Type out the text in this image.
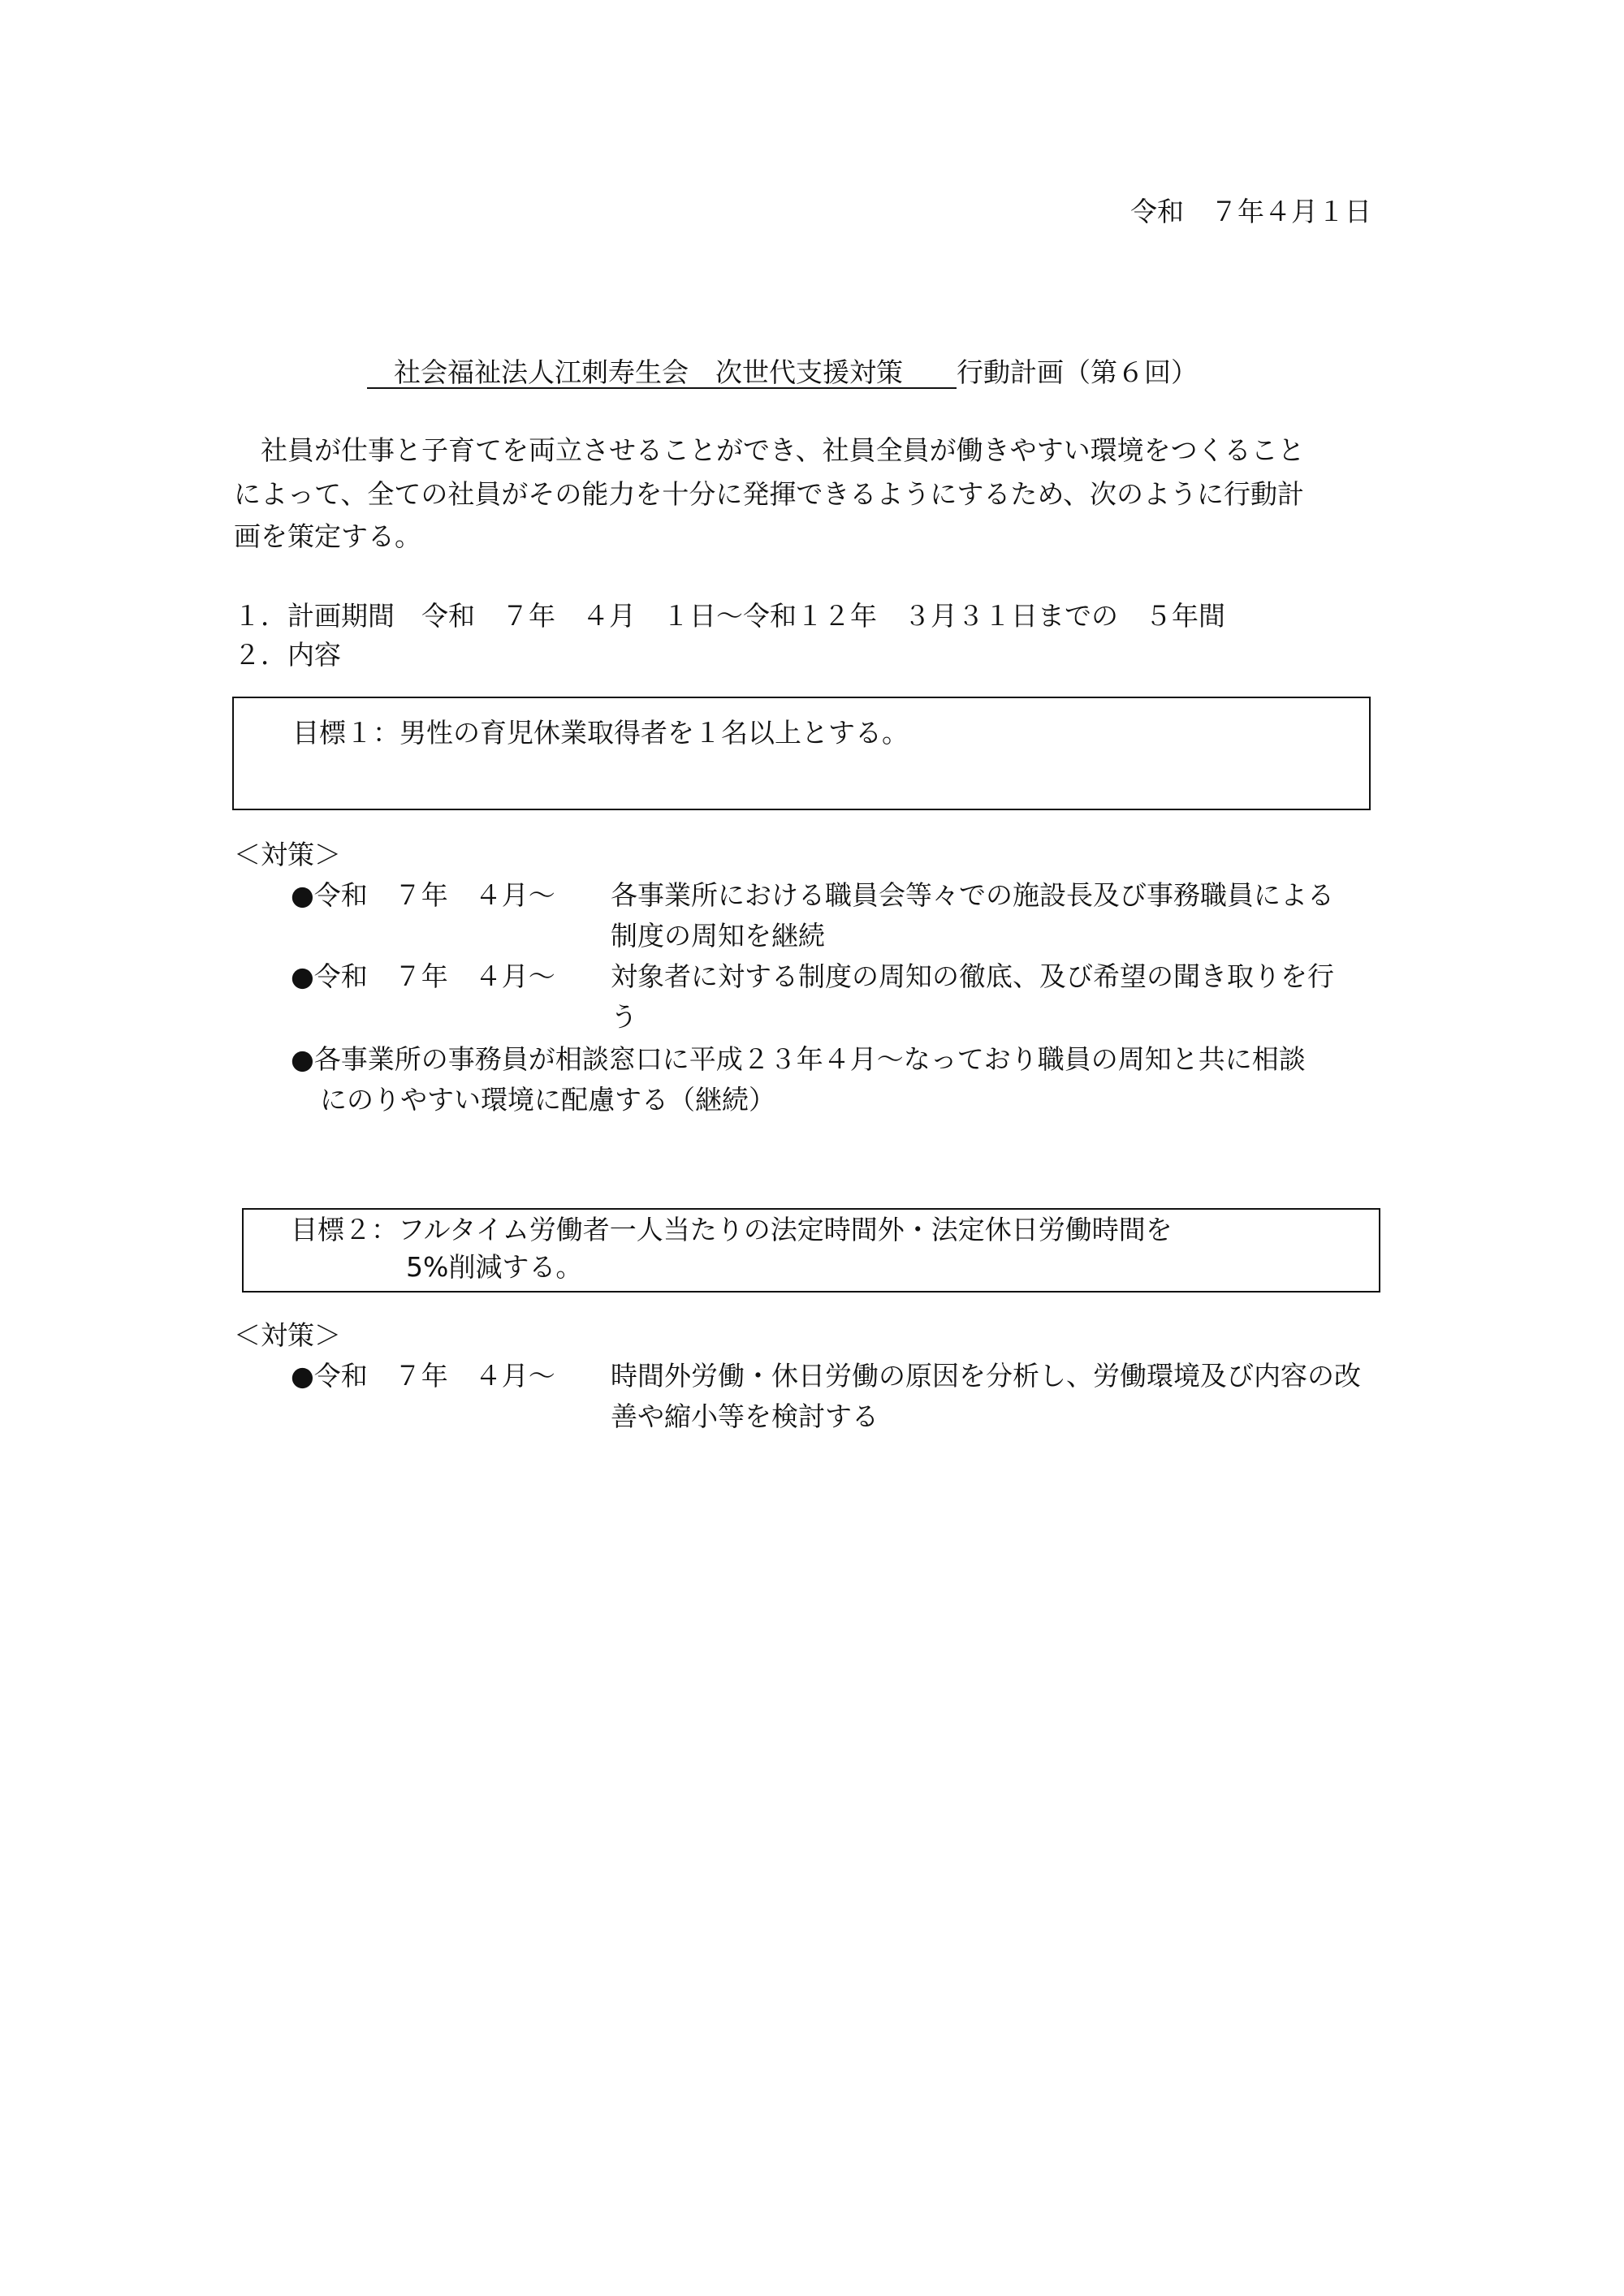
令和　７年４月１日
　社会福祉法人江刺寿生会　次世代支援対策　　 行動計画（第６回）
　社員が仕事と子育てを両立させることができ、社員全員が働きやすい環境をつくること
によって、全ての社員がその能力を十分に発揮できるようにするため、次のように行動計
画を策定する。
１．計画期間　令和　７年　４月　１日～令和１２年　３月３１日までの　５年間
２．内容
目標１：男性の育児休業取得者を１名以上とする。
＜対策＞
●令和　７年　４月～ 各事業所における職員会等々での施設長及び事務職員による
制度の周知を継続
●令和　７年　４月～ 対象者に対する制度の周知の徹底、及び希望の聞き取りを行
う
●各事業所の事務員が相談窓口に平成２３年４月～なっており職員の周知と共に相談
にのりやすい環境に配慮する（継続）
目標２：フルタイム労働者一人当たりの法定時間外・法定休日労働時間を
5%削減する。
＜対策＞
●令和　７年　４月～ 時間外労働・休日労働の原因を分析し、労働環境及び内容の改
善や縮小等を検討する
